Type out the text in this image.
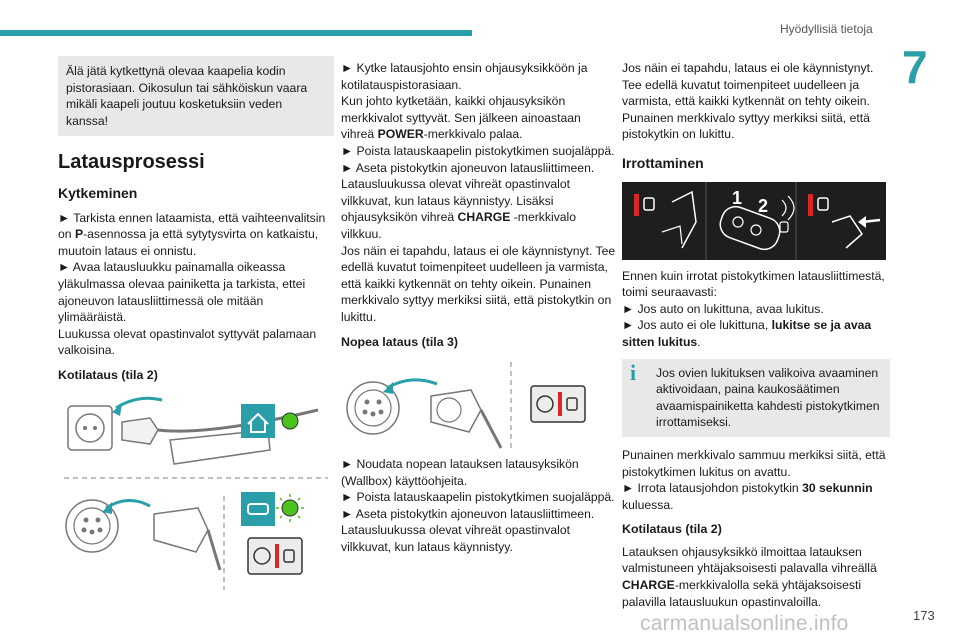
Hyödyllisiä tietoja
7
Älä jätä kytkettynä olevaa kaapelia kodin pistorasiaan. Oikosulun tai sähköiskun vaara mikäli kaapeli joutuu kosketuksiin veden kanssa!
Latausprosessi
Kytkeminen
► Tarkista ennen lataamista, että vaihteenvalitsin on P-asennossa ja että sytytysvirta on katkaistu, muutoin lataus ei onnistu.
► Avaa latausluukku painamalla oikeassa yläkulmassa olevaa painiketta ja tarkista, ettei ajoneuvon latausliittimessä ole mitään ylimääräistä.
Luukussa olevat opastinvalot syttyvät palamaan valkoisina.
Kotilataus (tila 2)
► Kytke latausjohto ensin ohjausyksikköön ja kotilatauspistorasiaan.
Kun johto kytketään, kaikki ohjausyksikön merkkivalot syttyvät. Sen jälkeen ainoastaan vihreä POWER-merkkivalo palaa.
► Poista latauskaapelin pistokytkimen suojaläppä.
► Aseta pistokytkin ajoneuvon latausliittimeen. Latausluukussa olevat vihreät opastinvalot vilkkuvat, kun lataus käynnistyy. Lisäksi ohjausyksikön vihreä CHARGE -merkkivalo vilkkuu.
Jos näin ei tapahdu, lataus ei ole käynnistynyt. Tee edellä kuvatut toimenpiteet uudelleen ja varmista, että kaikki kytkennät on tehty oikein. Punainen merkkivalo syttyy merkiksi siitä, että pistokytkin on lukittu.
Nopea lataus (tila 3)
► Noudata nopean latauksen latausyksikön (Wallbox) käyttöohjeita.
► Poista latauskaapelin pistokytkimen suojaläppä.
► Aseta pistokytkin ajoneuvon latausliittimeen. Latausluukussa olevat vihreät opastinvalot vilkkuvat, kun lataus käynnistyy.
Jos näin ei tapahdu, lataus ei ole käynnistynyt. Tee edellä kuvatut toimenpiteet uudelleen ja varmista, että kaikki kytkennät on tehty oikein. Punainen merkkivalo syttyy merkiksi siitä, että pistokytkin on lukittu.
Irrottaminen
1 2
Ennen kuin irrotat pistokytkimen latausliittimestä, toimi seuraavasti:
► Jos auto on lukittuna, avaa lukitus.
► Jos auto ei ole lukittuna, lukitse se ja avaa sitten lukitus.
i	Jos ovien lukituksen valikoiva avaaminen aktivoidaan, paina kaukosäätimen avaamispainiketta kahdesti pistokytkimen irrottamiseksi.
Punainen merkkivalo sammuu merkiksi siitä, että pistokytkimen lukitus on avattu.
► Irrota latausjohdon pistokytkin 30 sekunnin kuluessa.
Kotilataus (tila 2)
Latauksen ohjausyksikkö ilmoittaa latauksen valmistuneen yhtäjaksoisesti palavalla vihreällä CHARGE-merkkivalolla sekä yhtäjaksoisesti palavilla latausluukun opastinvaloilla.
carmanualsonline.info	173
